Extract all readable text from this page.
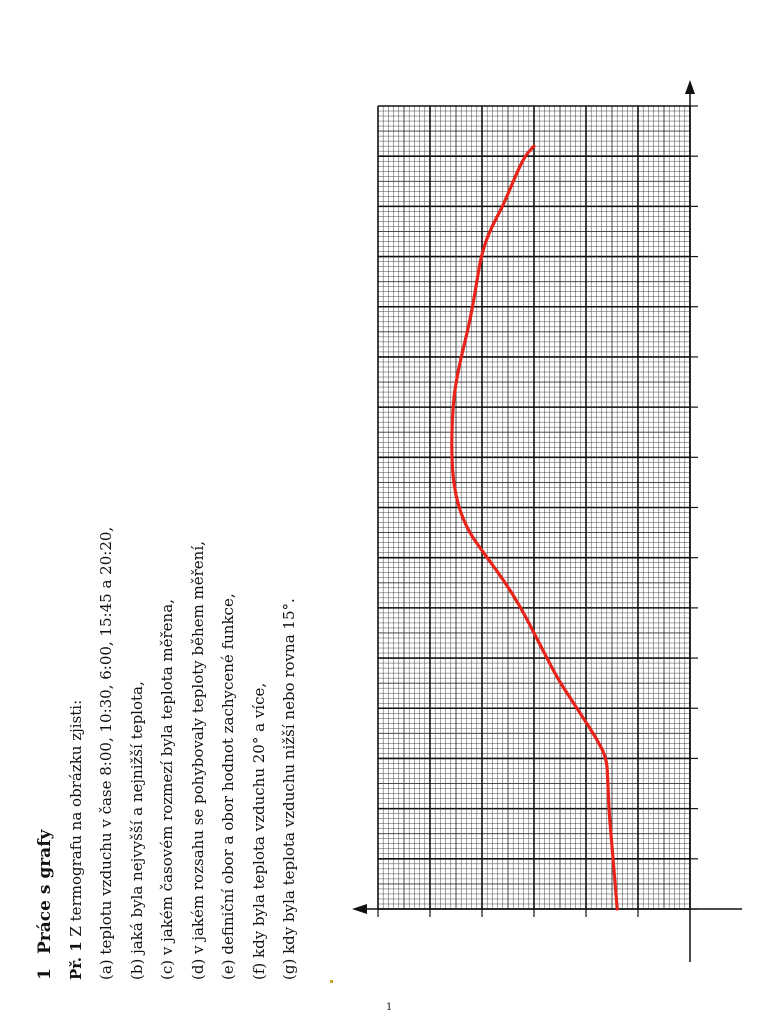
1Práce s grafy
Př. 1 Z termografu na obrázku zjisti: (a) teplotu vzduchu v čase 8:00, 10:30, 6:00, 15:45 a 20:20, (b) jaká byla nejvyšší a nejnižší teplota, (c) v jakém časovém rozmezí byla teplota měřena, (d) v jakém rozsahu se pohybovaly teploty během měření, (e) definiční obor a obor hodnot zachycené funkce, (f) kdy byla teplota vzduchu 20° a více, (g) kdy byla teplota vzduchu nižší nebo rovna 15°.
1
